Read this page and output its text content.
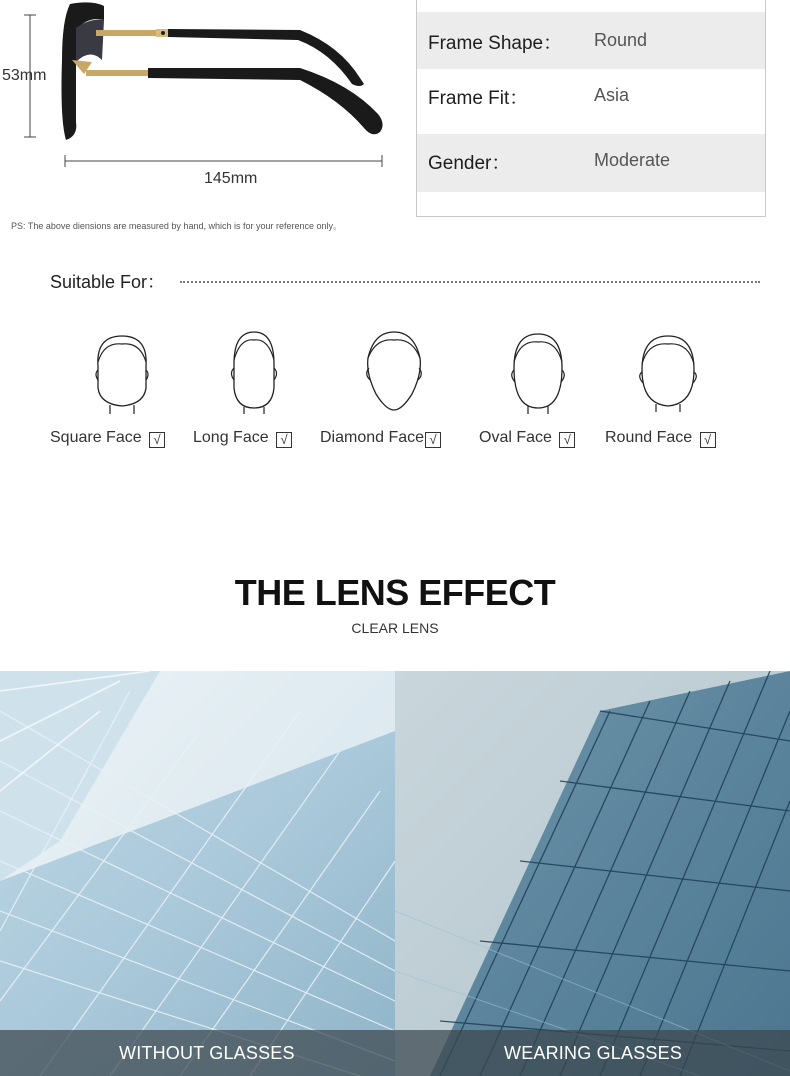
53mm
145mm
PS: The above diensions are measured by hand, which is for your reference only。
Frame Shape： Round
Frame Fit：	Asia
Gender：	Moderate
Suitable For：
Square Face √ Long Face √ Diamond Face √	Oval Face √ Round Face √
THE LENS EFFECT
CLEAR LENS
WITHOUT GLASSES	WEARING GLASSES
